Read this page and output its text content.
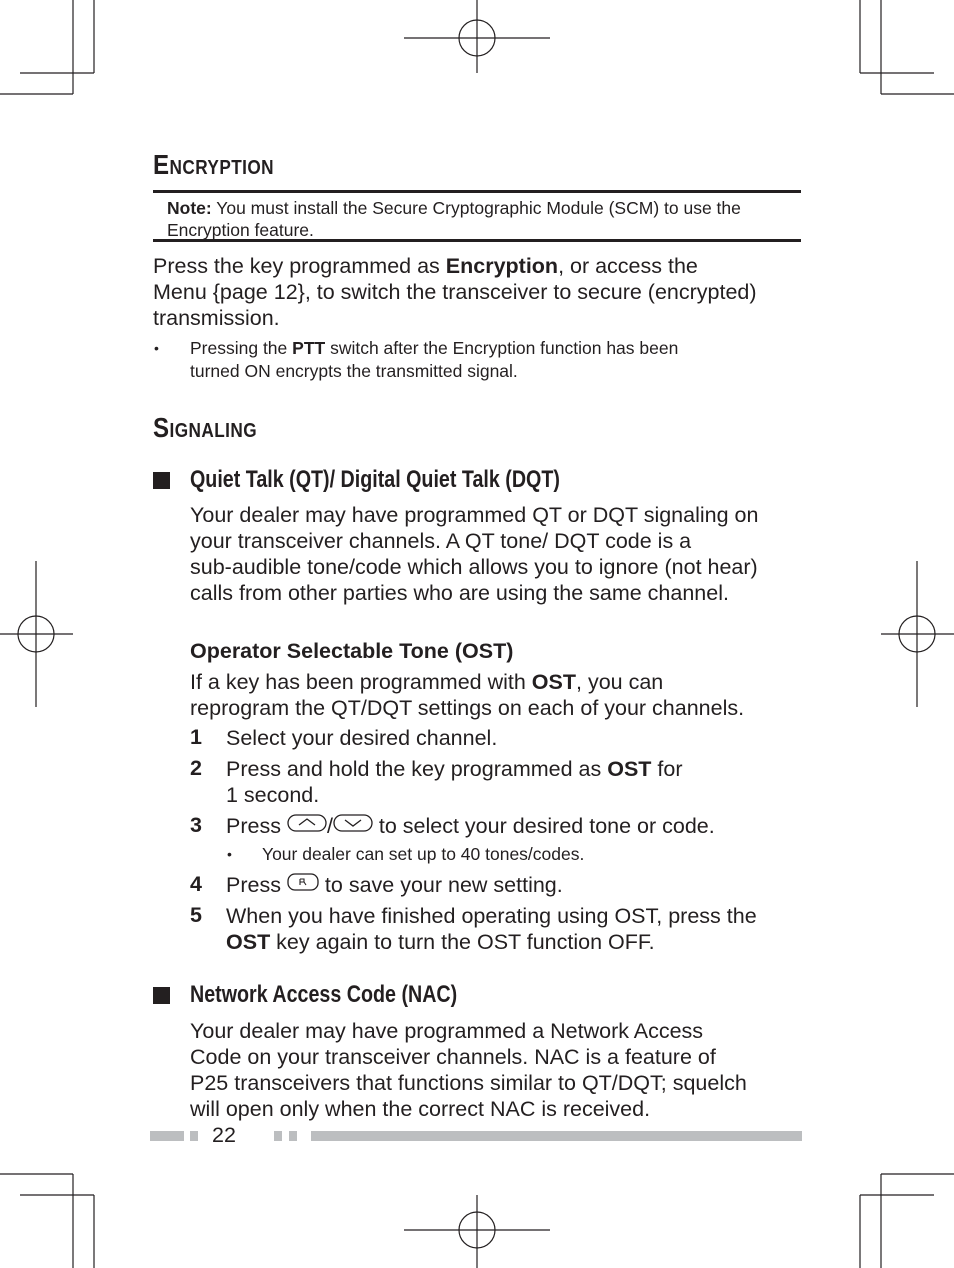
ENCRYPTION
Note: You must install the Secure Cryptographic Module (SCM) to use the Encryption feature.
Press the key programmed as Encryption, or access the
Menu {page 12}, to switch the transceiver to secure (encrypted)
transmission.
• Pressing the PTT switch after the Encryption function has been
turned ON encrypts the transmitted signal.
SIGNALING
Quiet Talk (QT)/ Digital Quiet Talk (DQT)
Your dealer may have programmed QT or DQT signaling on
your transceiver channels. A QT tone/ DQT code is a
sub-audible tone/code which allows you to ignore (not hear)
calls from other parties who are using the same channel.
Operator Selectable Tone (OST)
If a key has been programmed with OST, you can
reprogram the QT/DQT settings on each of your channels.
1 Select your desired channel.
2 Press and hold the key programmed as OST for
1 second.
3 Press / to select your desired tone or code.
• Your dealer can set up to 40 tones/codes.
4 Press  to save your new setting.
5 When you have finished operating using OST, press the
OST key again to turn the OST function OFF.
Network Access Code (NAC)
Your dealer may have programmed a Network Access
Code on your transceiver channels. NAC is a feature of
P25 transceivers that functions similar to QT/DQT; squelch
will open only when the correct NAC is received.
22
